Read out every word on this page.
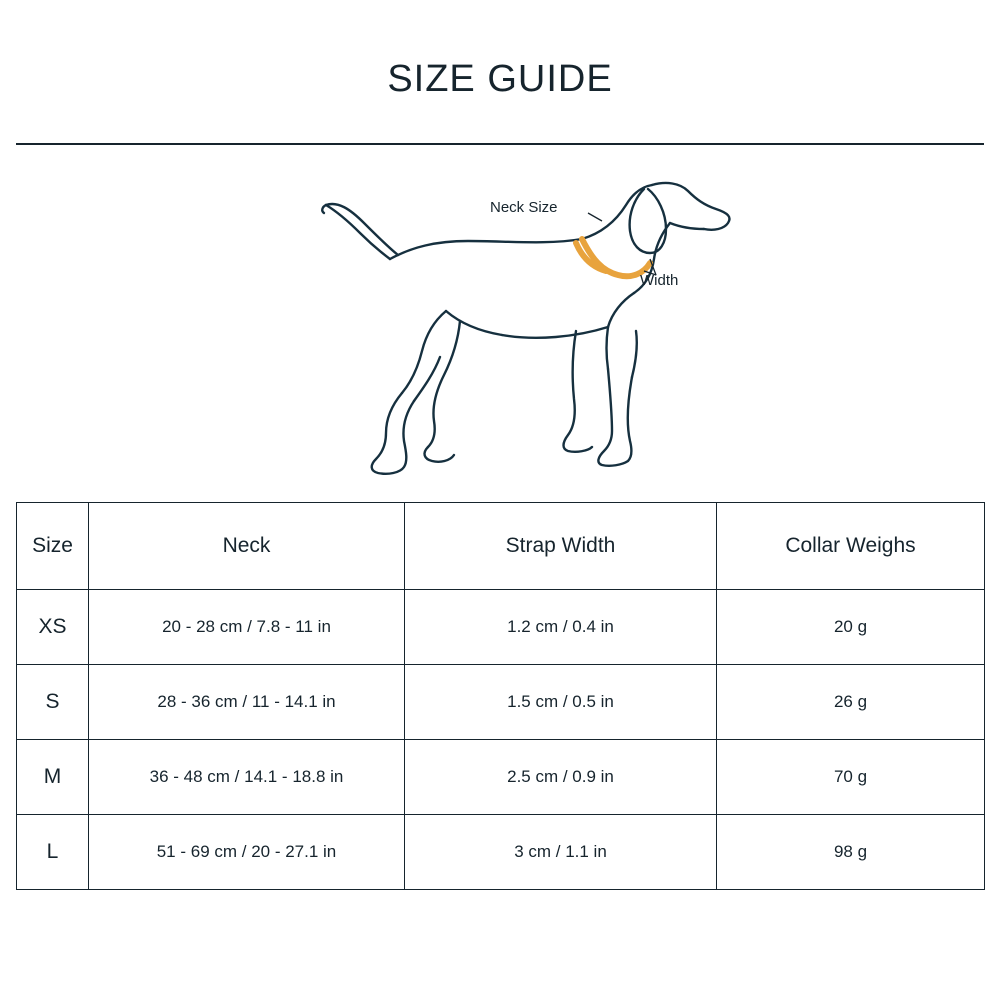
SIZE GUIDE
Neck Size
Width
Size	Neck	Strap Width	Collar Weighs
XS	20 - 28 cm / 7.8 - 11 in	1.2 cm / 0.4 in	20 g
S	28 - 36 cm / 11 - 14.1 in	1.5 cm / 0.5 in	26 g
M	36 - 48 cm / 14.1 - 18.8 in	2.5 cm / 0.9 in	70 g
L	51 - 69 cm / 20 - 27.1 in	3 cm / 1.1 in	98 g
